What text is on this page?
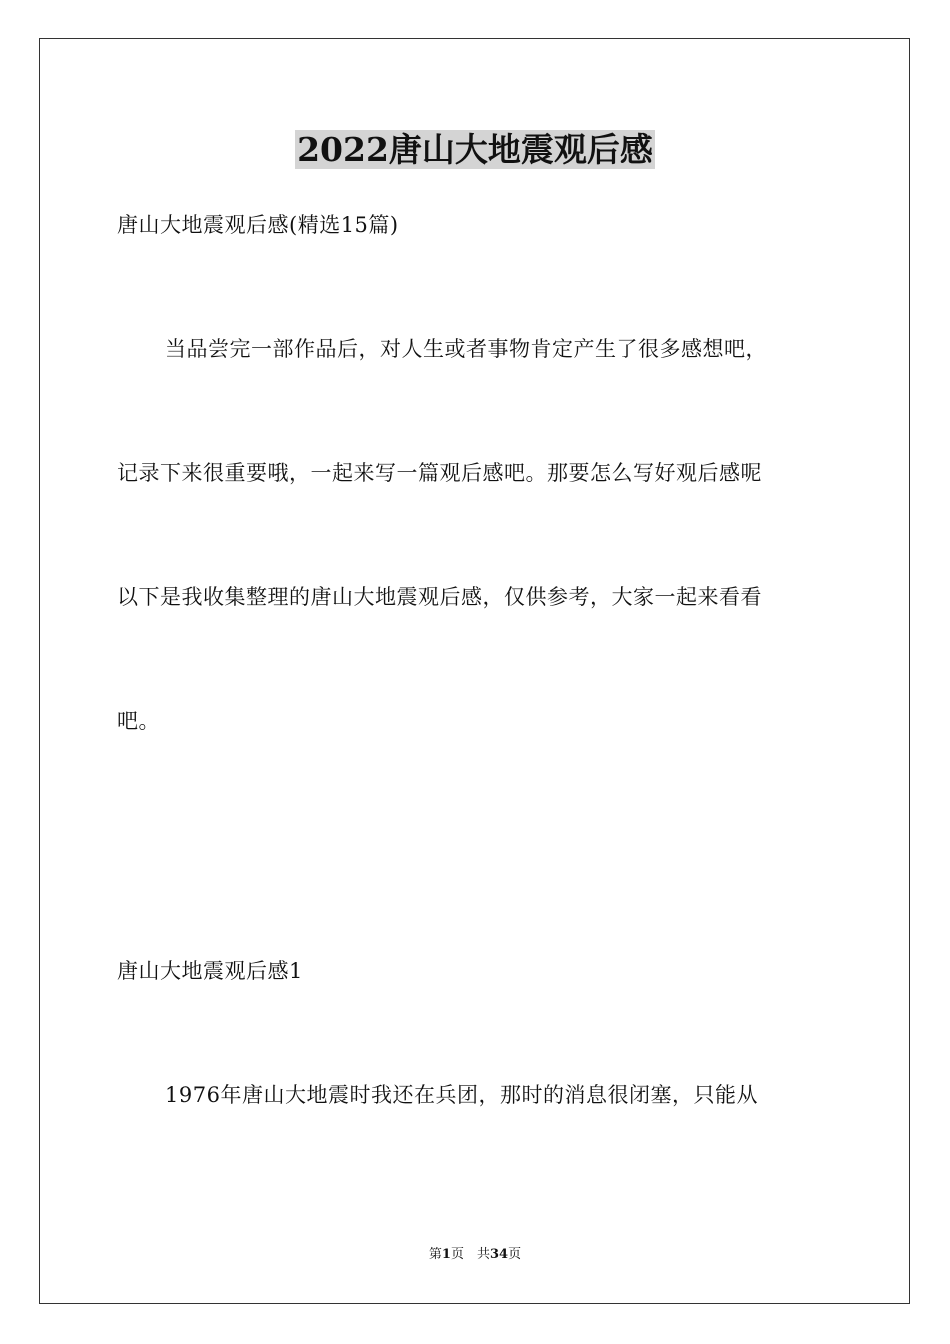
2022唐山大地震观后感
唐山大地震观后感(精选15篇)
当品尝完一部作品后，对人生或者事物肯定产生了很多感想吧，
记录下来很重要哦，一起来写一篇观后感吧。那要怎么写好观后感呢
以下是我收集整理的唐山大地震观后感，仅供参考，大家一起来看看
吧。
唐山大地震观后感1
1976年唐山大地震时我还在兵团，那时的消息很闭塞，只能从
第1页　共34页
